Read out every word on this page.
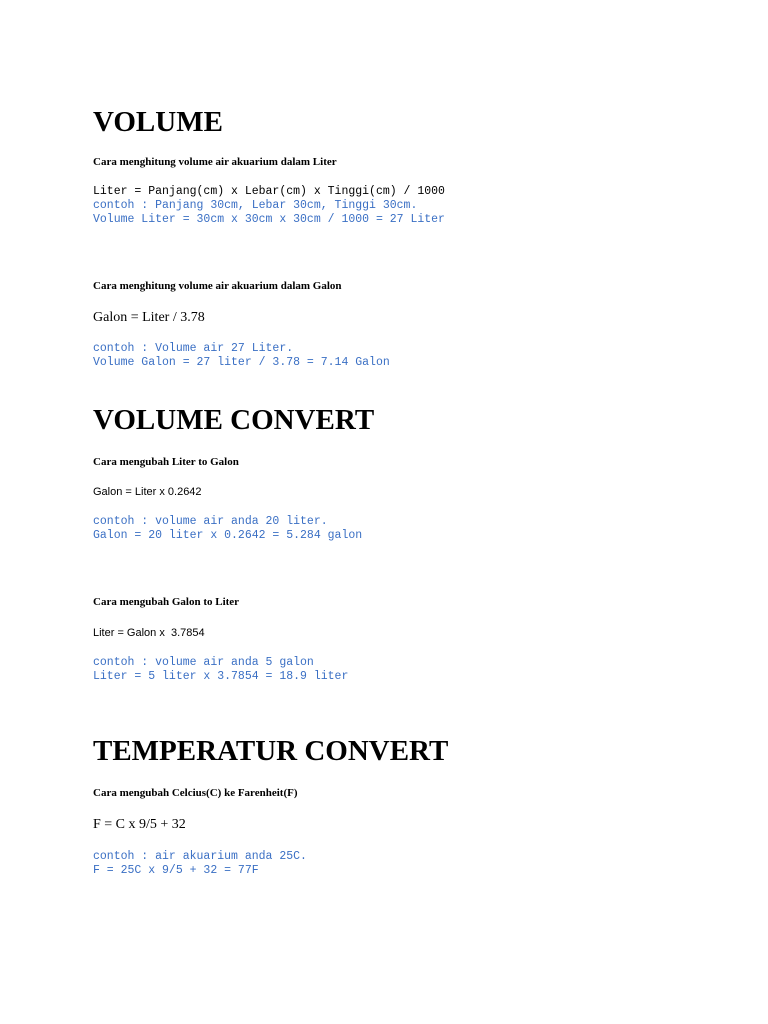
VOLUME
Cara menghitung volume air akuarium dalam Liter
Liter = Panjang(cm) x Lebar(cm) x Tinggi(cm) / 1000
contoh : Panjang 30cm, Lebar 30cm, Tinggi 30cm.
Volume Liter = 30cm x 30cm x 30cm / 1000 = 27 Liter
Cara menghitung volume air akuarium dalam Galon
Galon = Liter / 3.78
contoh : Volume air 27 Liter.
Volume Galon = 27 liter / 3.78 = 7.14 Galon
VOLUME CONVERT
Cara mengubah Liter to Galon
Galon = Liter x 0.2642
contoh : volume air anda 20 liter.
Galon = 20 liter x 0.2642 = 5.284 galon
Cara mengubah Galon to Liter
Liter = Galon x  3.7854
contoh : volume air anda 5 galon
Liter = 5 liter x 3.7854 = 18.9 liter
TEMPERATUR CONVERT
Cara mengubah Celcius(C) ke Farenheit(F)
F = C x 9/5 + 32
contoh : air akuarium anda 25C.
F = 25C x 9/5 + 32 = 77F
